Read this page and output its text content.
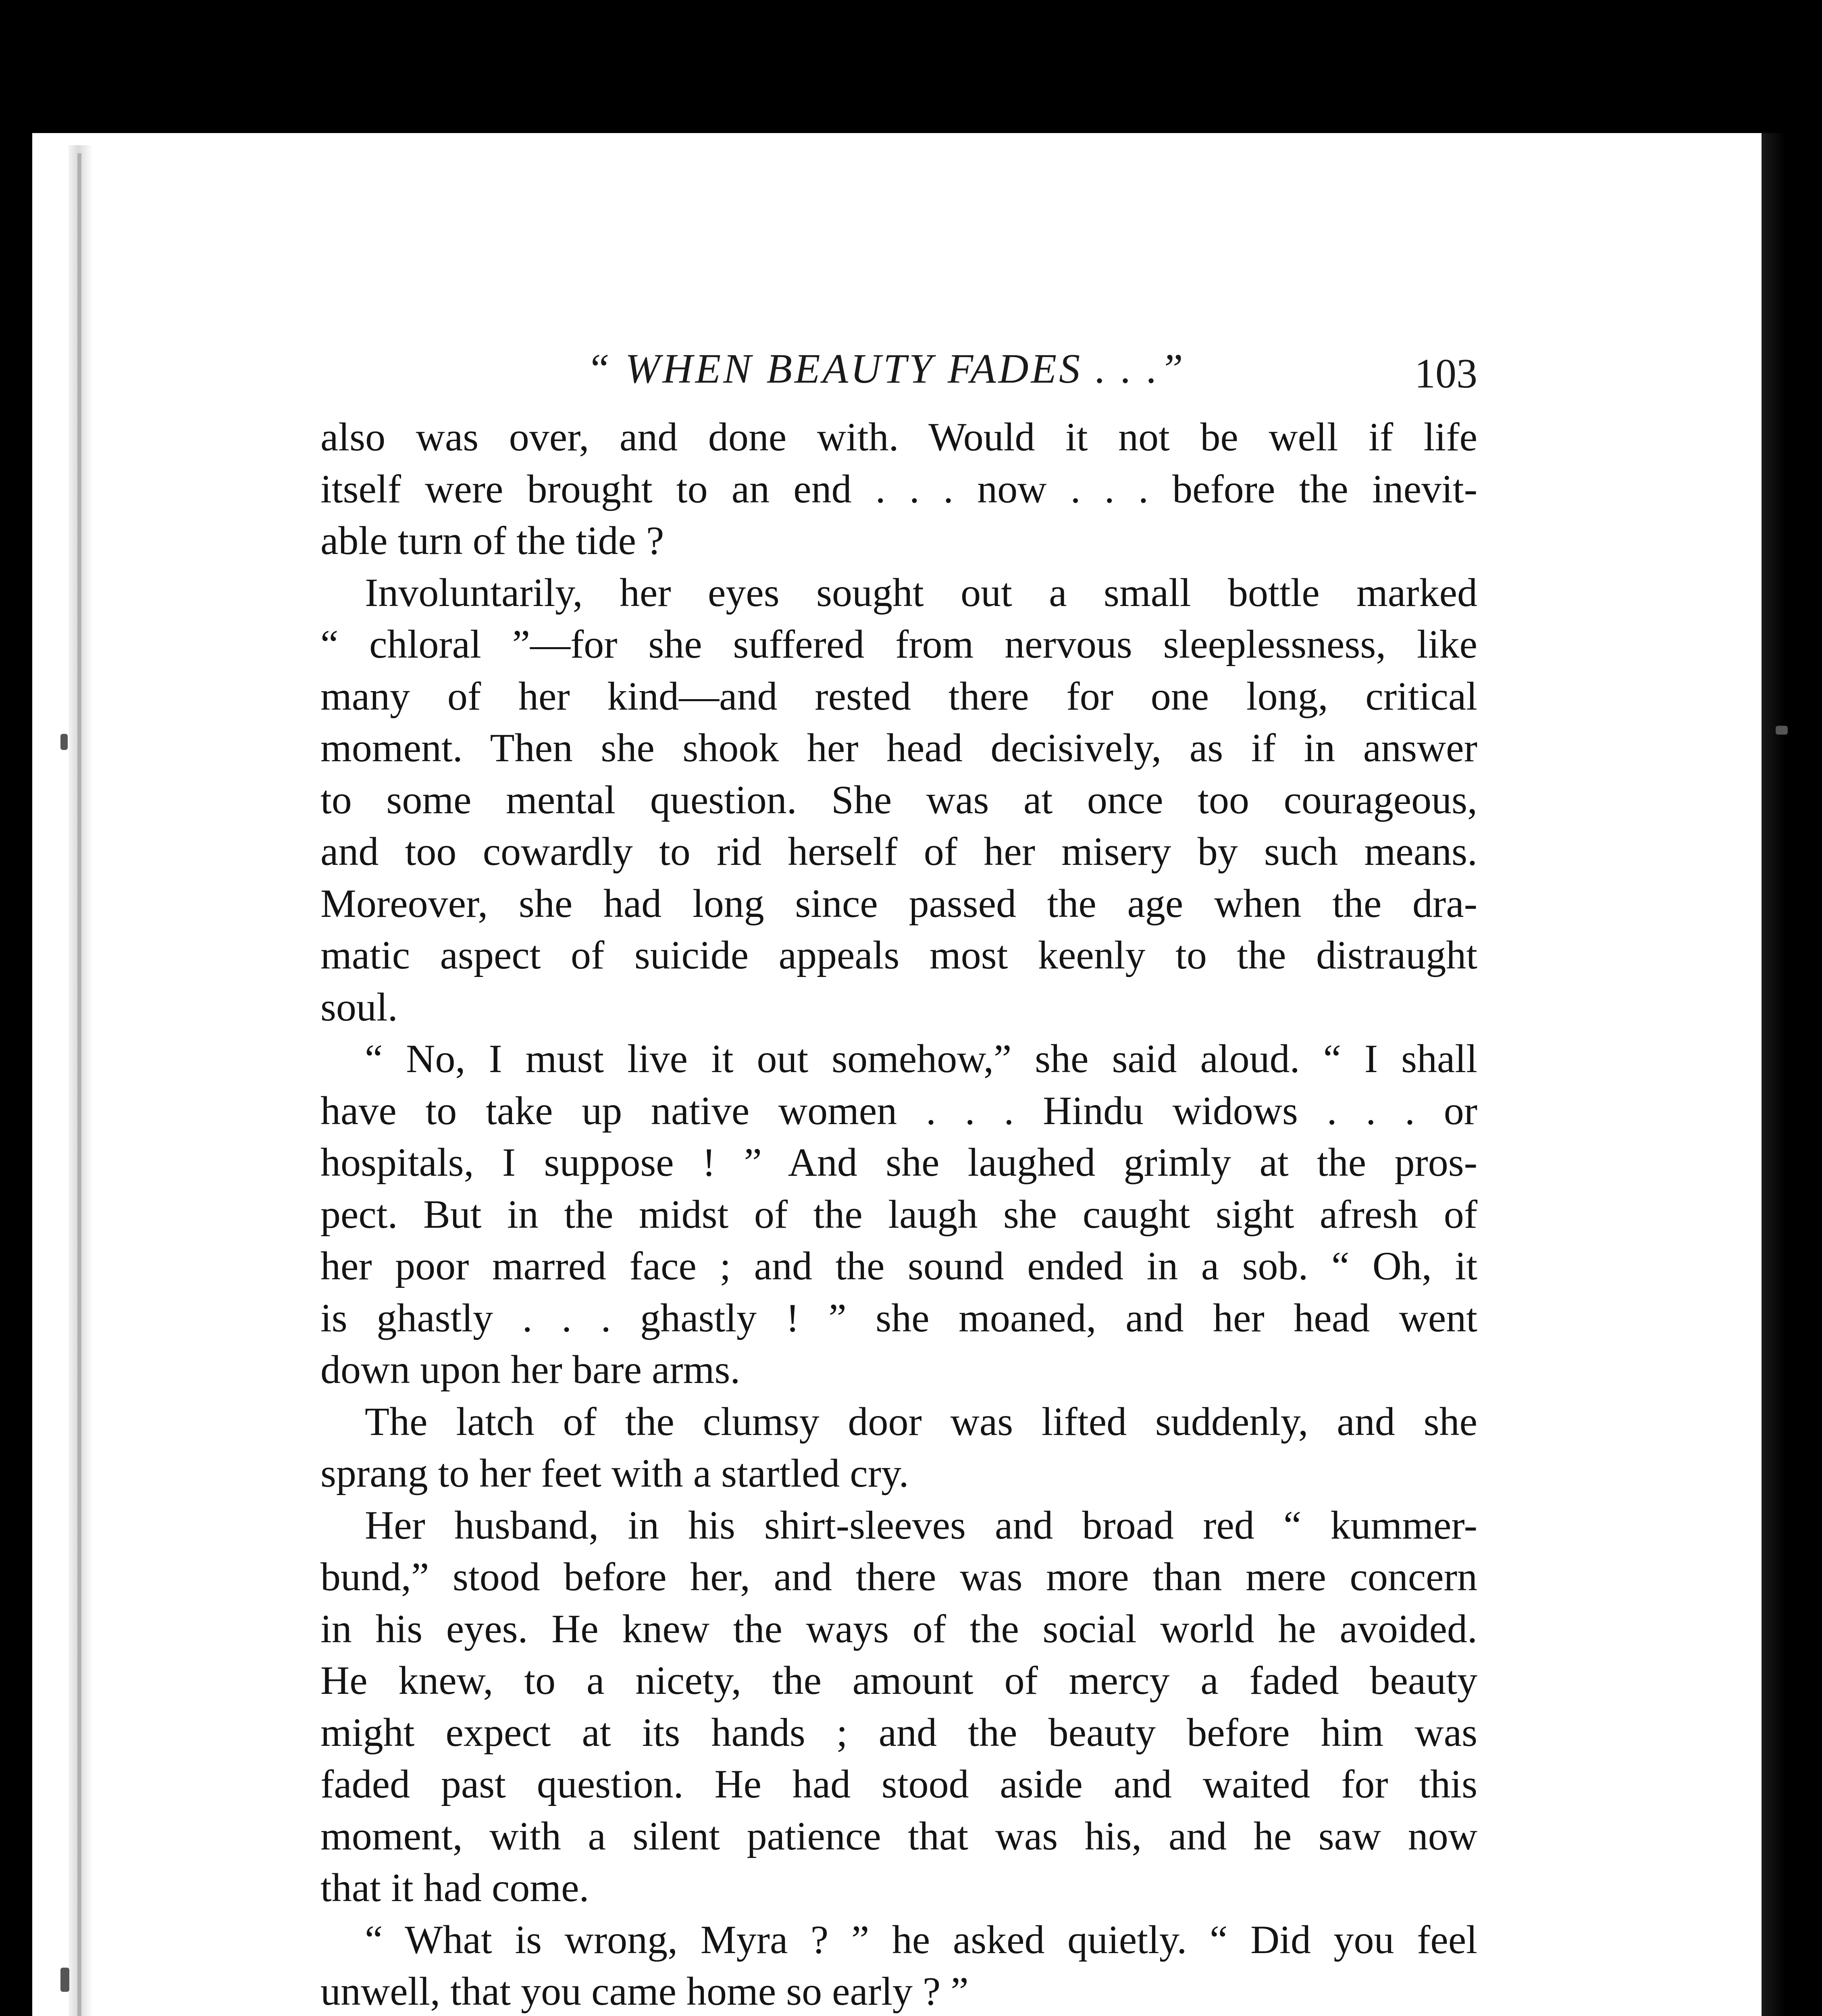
“ WHEN BEAUTY FADES . . .”	103
also was over, and done with. Would it not be well if life
itself were brought to an end . . . now . . . before the inevit-
able turn of the tide ?
Involuntarily, her eyes sought out a small bottle marked
“ chloral ”—for she suffered from nervous sleeplessness, like
many of her kind—and rested there for one long, critical
moment. Then she shook her head decisively, as if in answer
to some mental question. She was at once too courageous,
and too cowardly to rid herself of her misery by such means.
Moreover, she had long since passed the age when the dra-
matic aspect of suicide appeals most keenly to the distraught
soul.
“ No, I must live it out somehow,” she said aloud. “ I shall
have to take up native women . . . Hindu widows . . . or
hospitals, I suppose ! ” And she laughed grimly at the pros-
pect. But in the midst of the laugh she caught sight afresh of
her poor marred face ; and the sound ended in a sob. “ Oh, it
is ghastly . . . ghastly ! ” she moaned, and her head went
down upon her bare arms.
The latch of the clumsy door was lifted suddenly, and she
sprang to her feet with a startled cry.
Her husband, in his shirt-sleeves and broad red “ kummer-
bund,” stood before her, and there was more than mere concern
in his eyes. He knew the ways of the social world he avoided.
He knew, to a nicety, the amount of mercy a faded beauty
might expect at its hands ; and the beauty before him was
faded past question. He had stood aside and waited for this
moment, with a silent patience that was his, and he saw now
that it had come.
“ What is wrong, Myra ? ” he asked quietly. “ Did you feel
unwell, that you came home so early ? ”
